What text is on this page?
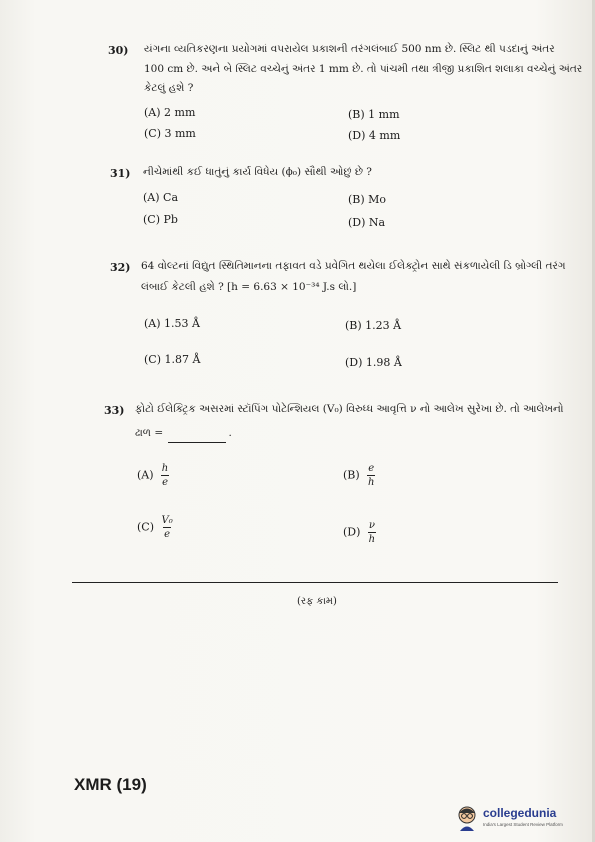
30) યંગના વ્યતિકરણના પ્રયોગમાં વપરાયેલ પ્રકાશની તરંગલંબાઈ 500 nm છે. સ્લિટ થી પડદાનું અંતર
100 cm છે. અને બે સ્લિટ વચ્ચેનું અંતર 1 mm છે. તો પાંચમી તથા ત્રીજી પ્રકાશિત શલાકા વચ્ચેનું અંતર
કેટલું હશે ?
(A) 2 mm	(B) 1 mm
(C) 3 mm	(D) 4 mm
31) નીચેમાંથી કઈ ધાતુંનું કાર્ય વિધેય (ϕ₀) સૌથી ઓછું છે ?
(A) Ca	(B) Mo
(C) Pb	(D) Na
32) 64 વોલ્ટનાં વિદ્યુત સ્થિતિમાનના તફાવત વડે પ્રવેગિત થયેલા ઈલેક્ટ્રોન સાથે સંકળાયેલી ડિ બ્રોગ્લી તરંગ
લંબાઈ કેટલી હશે ? [h = 6.63 × 10⁻³⁴ J.s લો.]
(A) 1.53 Å	(B) 1.23 Å
(C) 1.87 Å	(D) 1.98 Å
33) ફોટો ઈલેક્ટ્રિક અસરમાં સ્ટૉપિંગ પોટેન્શિયલ (V₀) વિરુધ્ધ આવૃત્તિ ν નો આલેખ સુરેખા છે. તો આલેખનો
ઢાળ =	.
$(A) \frac{h}{e}$	$(B) \frac{e}{h}$
$(C) \frac{\text{V₀}}{e}$	$(D) \frac{\nu}{h}$
(રફ કામ)
XMR (19)
collegedunia
India's Largest Student Review Platform
